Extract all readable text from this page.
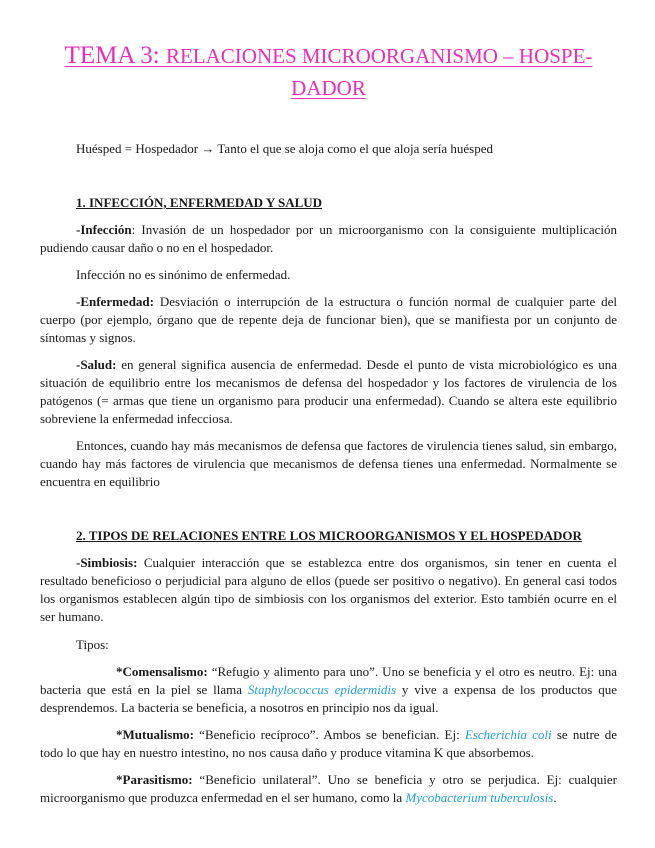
TEMA 3: RELACIONES MICROORGANISMO – HOSPE-
DADOR

Huésped = Hospedador → Tanto el que se aloja como el que aloja sería huésped

1. INFECCIÓN, ENFERMEDAD Y SALUD

-Infección: Invasión de un hospedador por un microorganismo con la consiguiente multiplicación pudiendo causar daño o no en el hospedador.

Infección no es sinónimo de enfermedad.

-Enfermedad: Desviación o interrupción de la estructura o función normal de cualquier parte del cuerpo (por ejemplo, órgano que de repente deja de funcionar bien), que se manifiesta por un conjunto de síntomas y signos.

-Salud: en general significa ausencia de enfermedad. Desde el punto de vista microbiológico es una situación de equilibrio entre los mecanismos de defensa del hospedador y los factores de virulencia de los patógenos (= armas que tiene un organismo para producir una enfermedad). Cuando se altera este equilibrio sobreviene la enfermedad infecciosa.

Entonces, cuando hay más mecanismos de defensa que factores de virulencia tienes salud, sin embargo, cuando hay más factores de virulencia que mecanismos de defensa tienes una enfermedad. Normalmente se encuentra en equilibrio

2. TIPOS DE RELACIONES ENTRE LOS MICROORGANISMOS Y EL HOSPEDADOR

-Simbiosis: Cualquier interacción que se establezca entre dos organismos, sin tener en cuenta el resultado beneficioso o perjudicial para alguno de ellos (puede ser positivo o negativo). En general casi todos los organismos establecen algún tipo de simbiosis con los organismos del exterior. Esto también ocurre en el ser humano.

Tipos:

*Comensalismo: “Refugio y alimento para uno”. Uno se beneficia y el otro es neutro. Ej: una bacteria que está en la piel se llama Staphylococcus epidermidis y vive a expensa de los productos que desprendemos. La bacteria se beneficia, a nosotros en principio nos da igual.

*Mutualismo: “Beneficio recíproco”. Ambos se benefician. Ej: Escherichia coli se nutre de todo lo que hay en nuestro intestino, no nos causa daño y produce vitamina K que absorbemos.

*Parasitismo: “Beneficio unilateral”. Uno se beneficia y otro se perjudica. Ej: cualquier microorganismo que produzca enfermedad en el ser humano, como la Mycobacterium tuberculosis.
